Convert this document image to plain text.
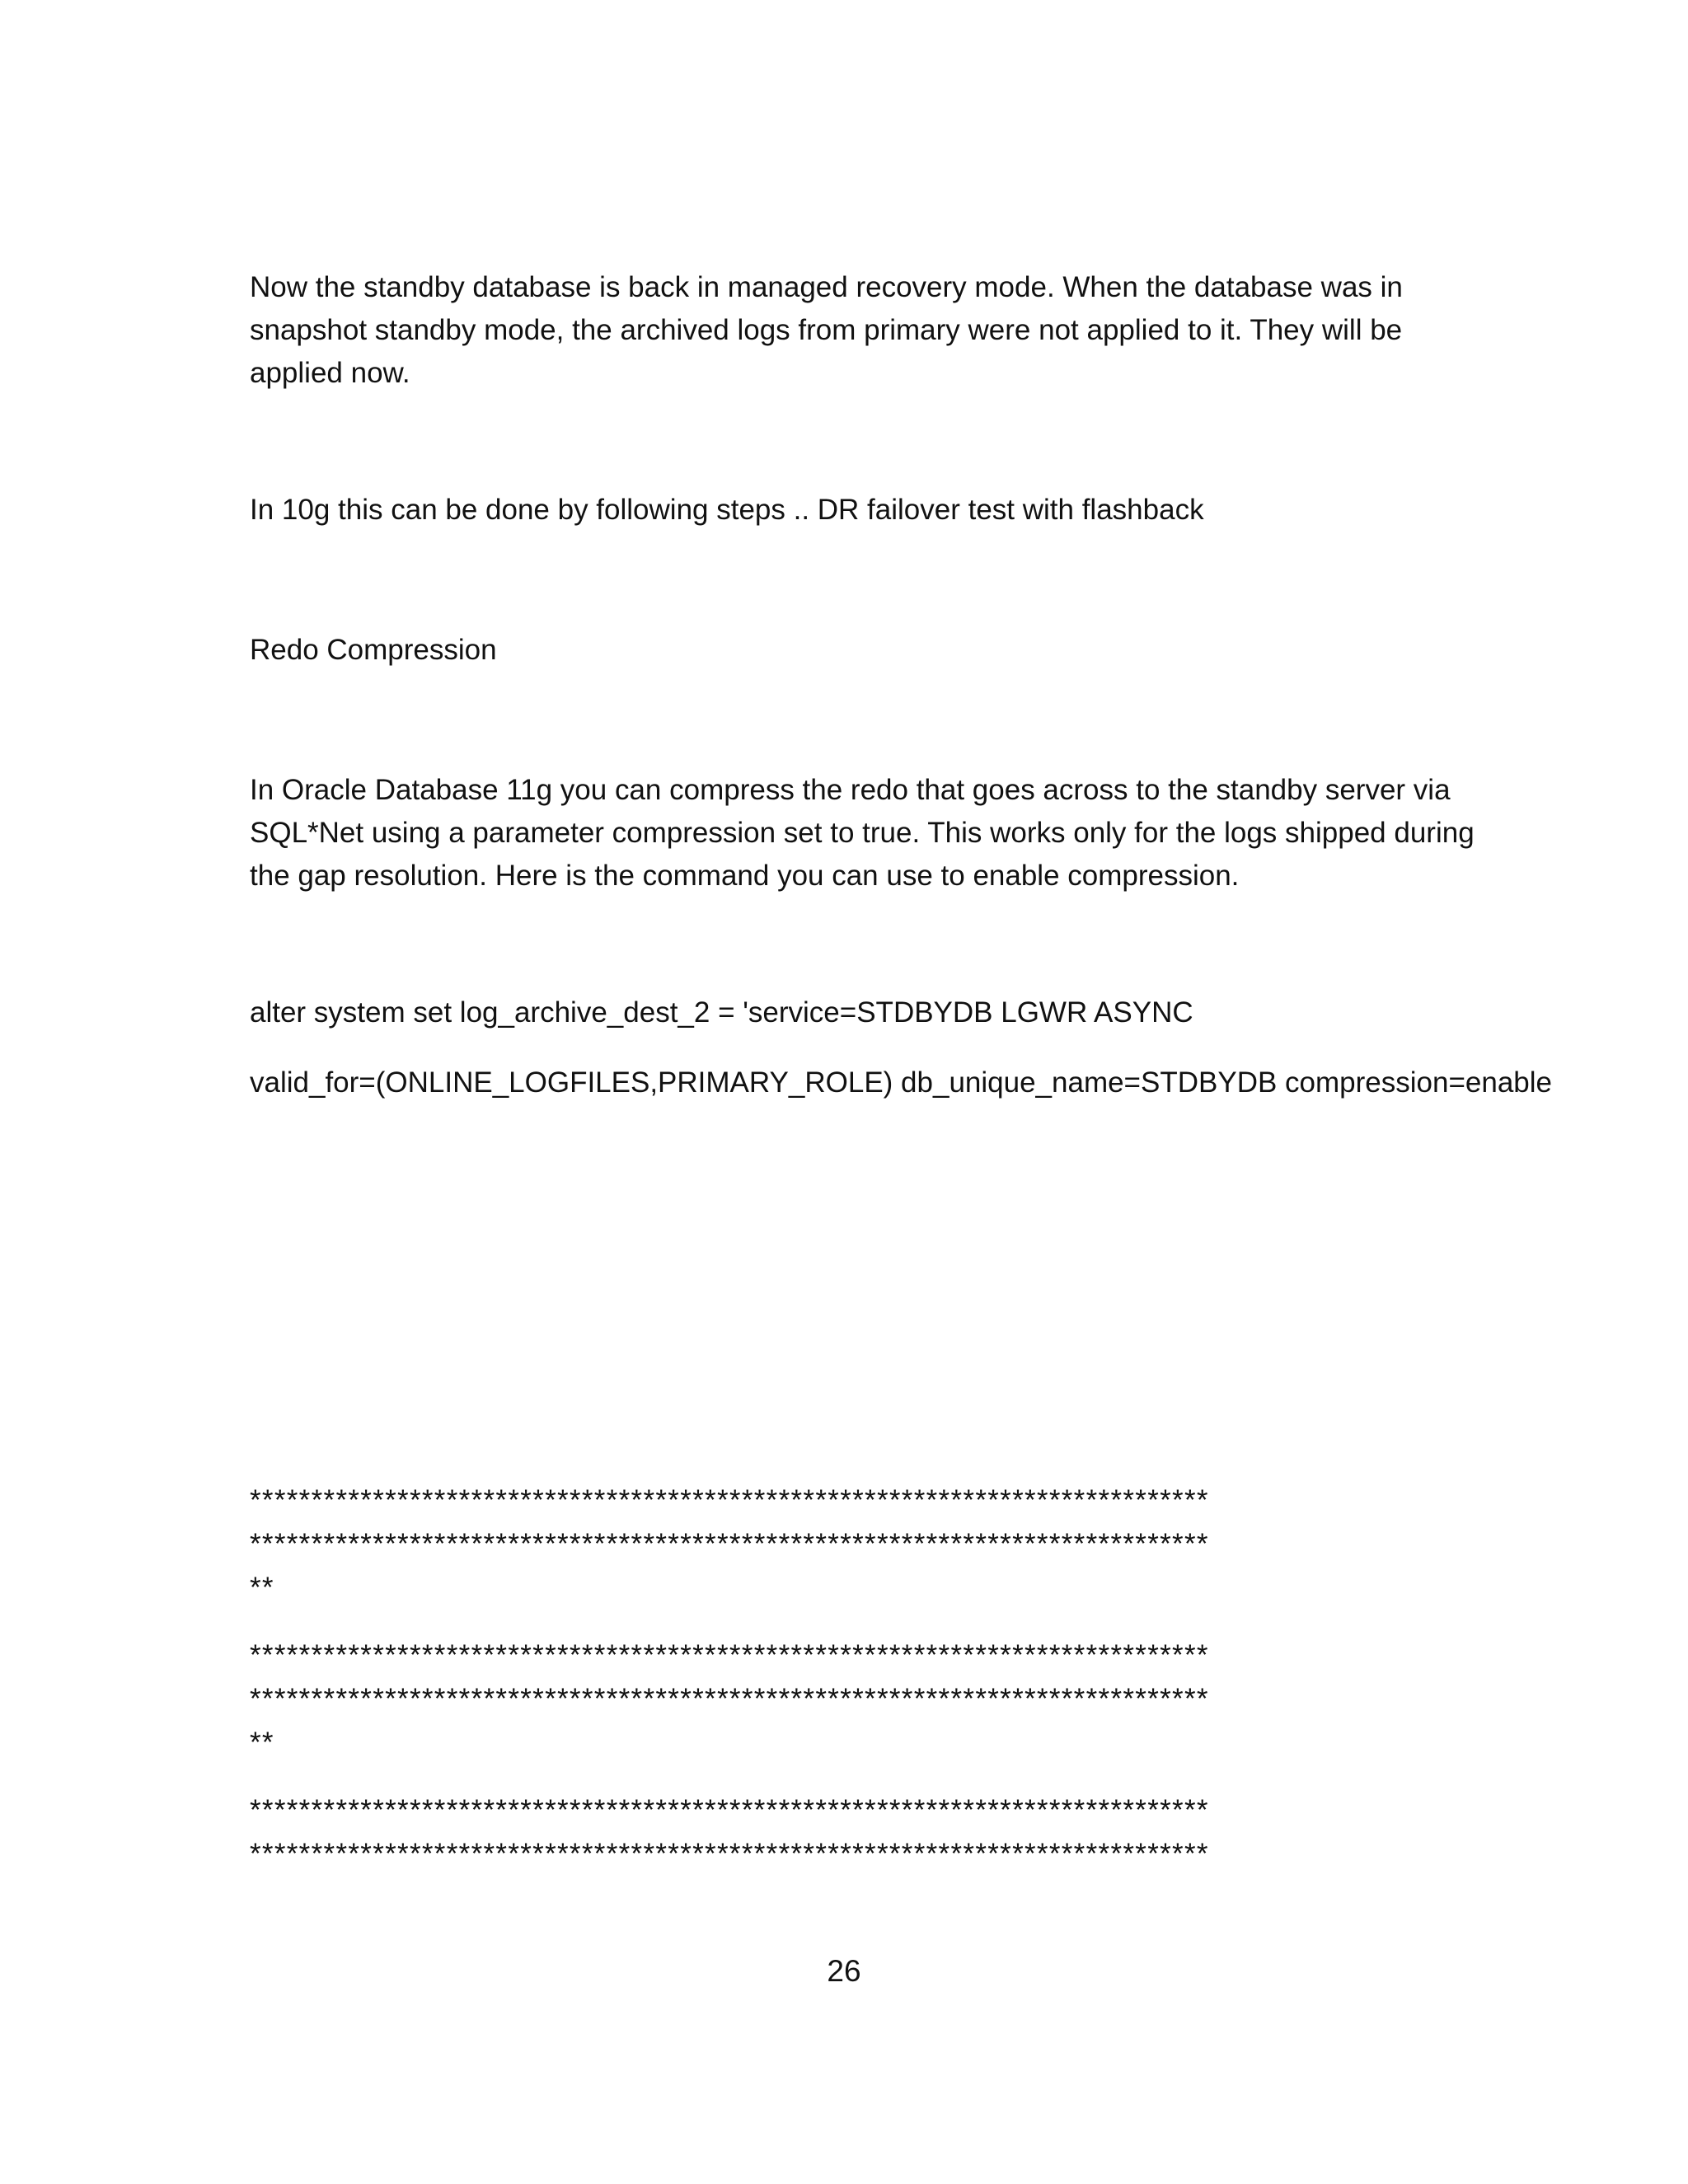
Now the standby database is back in managed recovery mode. When the database was in
snapshot standby mode, the archived logs from primary were not applied to it. They will be
applied now.
In 10g this can be done by following steps .. DR failover test with flashback
Redo Compression
In Oracle Database 11g you can compress the redo that goes across to the standby server via
SQL*Net using a parameter compression set to true. This works only for the logs shipped during
the gap resolution. Here is the command you can use to enable compression.
alter system set log_archive_dest_2 = 'service=STDBYDB LGWR ASYNC
valid_for=(ONLINE_LOGFILES,PRIMARY_ROLE) db_unique_name=STDBYDB compression=enable
******************************************************************************
******************************************************************************
**
******************************************************************************
******************************************************************************
**
******************************************************************************
******************************************************************************
26
